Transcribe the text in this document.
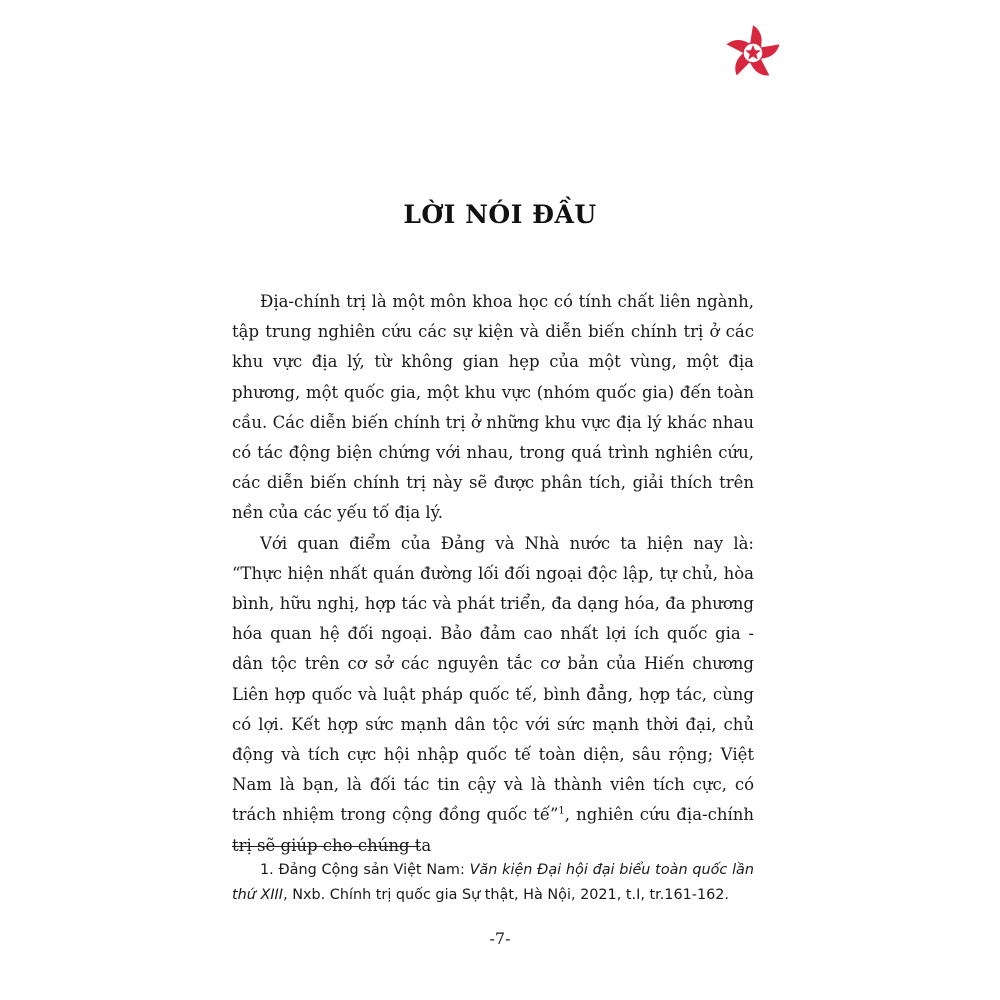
LỜI NÓI ĐẦU

Địa-chính trị là một môn khoa học có tính chất liên ngành, tập trung nghiên cứu các sự kiện và diễn biến chính trị ở các khu vực địa lý, từ không gian hẹp của một vùng, một địa phương, một quốc gia, một khu vực (nhóm quốc gia) đến toàn cầu. Các diễn biến chính trị ở những khu vực địa lý khác nhau có tác động biện chứng với nhau, trong quá trình nghiên cứu, các diễn biến chính trị này sẽ được phân tích, giải thích trên nền của các yếu tố địa lý.

Với quan điểm của Đảng và Nhà nước ta hiện nay là: “Thực hiện nhất quán đường lối đối ngoại độc lập, tự chủ, hòa bình, hữu nghị, hợp tác và phát triển, đa dạng hóa, đa phương hóa quan hệ đối ngoại. Bảo đảm cao nhất lợi ích quốc gia - dân tộc trên cơ sở các nguyên tắc cơ bản của Hiến chương Liên hợp quốc và luật pháp quốc tế, bình đẳng, hợp tác, cùng có lợi. Kết hợp sức mạnh dân tộc với sức mạnh thời đại, chủ động và tích cực hội nhập quốc tế toàn diện, sâu rộng; Việt Nam là bạn, là đối tác tin cậy và là thành viên tích cực, có trách nhiệm trong cộng đồng quốc tế”$^1$, nghiên cứu địa-chính trị sẽ giúp cho chúng ta

1. Đảng Cộng sản Việt Nam: Văn kiện Đại hội đại biểu toàn quốc lần thứ XIII, Nxb. Chính trị quốc gia Sự thật, Hà Nội, 2021, t.I, tr.161-162.

-7-
